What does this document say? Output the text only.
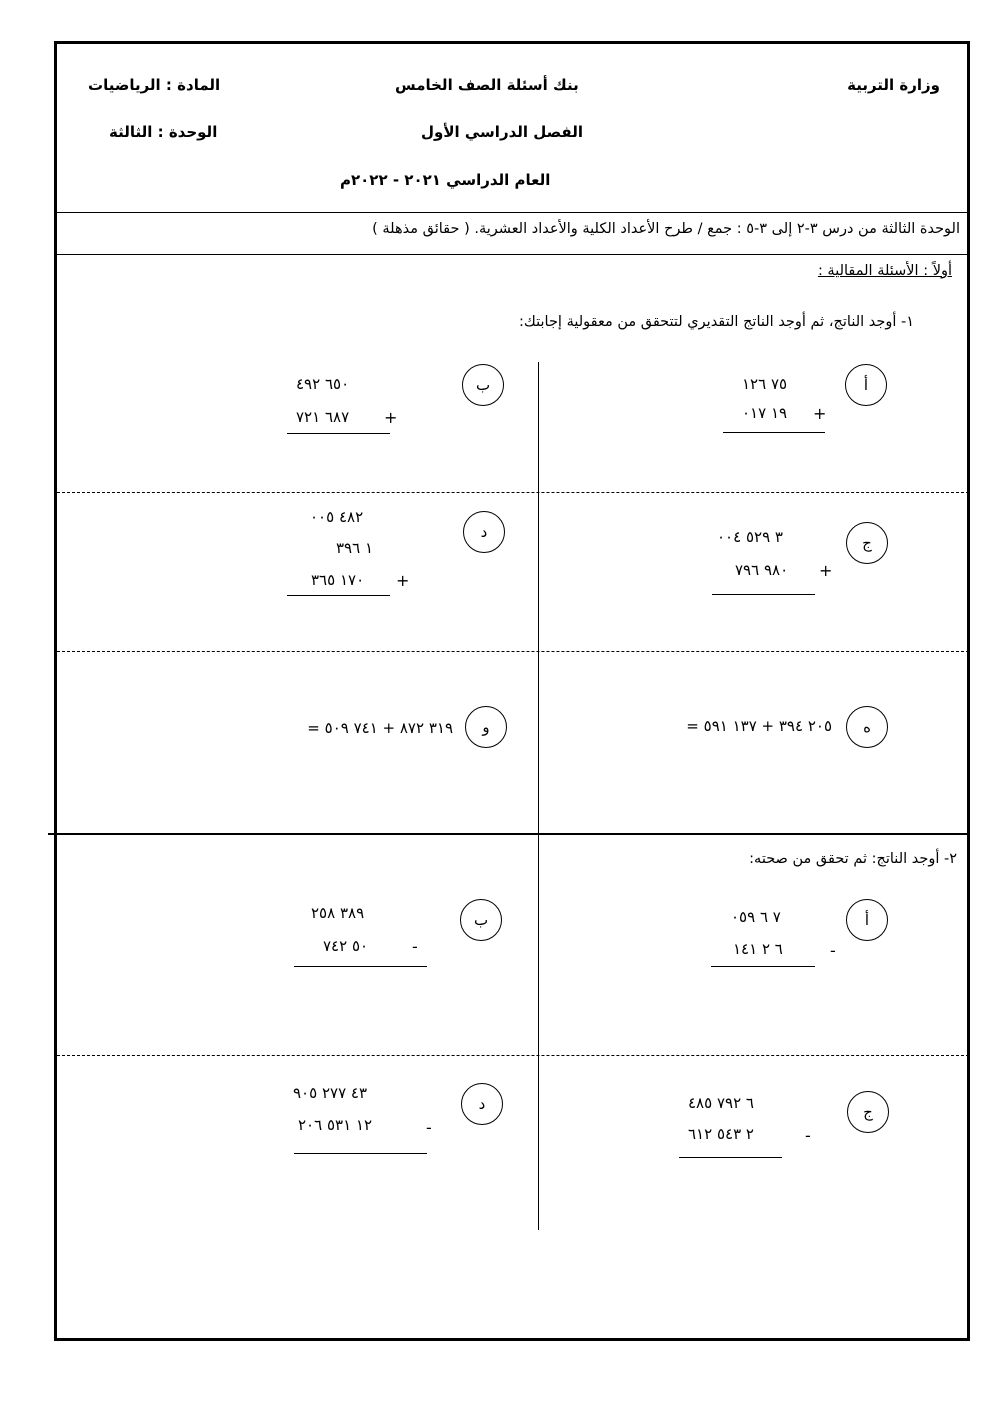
وزارة التربية
بنك أسئلة الصف الخامس
المادة : الرياضيات
الفصل الدراسي الأول
الوحدة : الثالثة
العام الدراسي ٢٠٢١ - ٢٠٢٢م
الوحدة الثالثة من درس ٣-٢ إلى ٣-٥ : جمع / طرح الأعداد الكلية والأعداد العشرية. ( حقائق مذهلة )
أولاً : الأسئلة المقالية :
١- أوجد الناتج، ثم أوجد الناتج التقديري لتتحقق من معقولية إجابتك:
أ
٧٥ ١٢٦
١٩ ٠١٧ +
ب
٦٥٠ ٤٩٢
٦٨٧ ٧٢١ +
ج
٣ ٥٢٩ ٠٠٤
٩٨٠ ٧٩٦ +
د
٤٨٢ ٠٠٥
١ ٣٩٦
١٧٠ ٣٦٥ +
ه
٢٠٥ ٣٩٤ + ١٣٧ ٥٩١ =
و
٣١٩ ٨٧٢ + ٧٤١ ٥٠٩ =
٢- أوجد الناتج: ثم تحقق من صحته:
أ
٧ ٦ ٠٥٩
٦ ٢ ١٤١	-
ب
٣٨٩ ٢٥٨
٥٠ ٧٤٢	-
ج
٦ ٧٩٢ ٤٨٥
٢ ٥٤٣ ٦١٢	-
د
٤٣ ٢٧٧ ٩٠٥
١٢ ٥٣١ ٢٠٦	-
